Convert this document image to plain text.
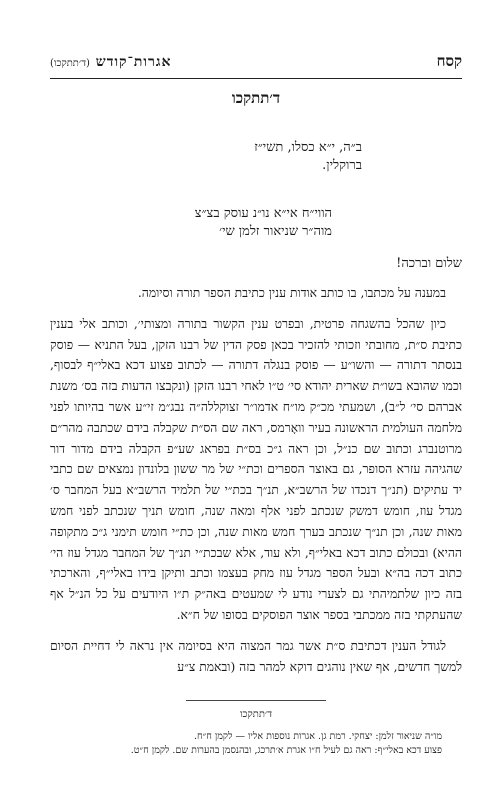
קסח
אגרות־קודש (ד׳תתקכו)
ד׳תתקכו
ב״ה, י״א כסלו, תשי״ז
ברוקלין.
הווי״ח אי״א נו״נ עוסק בצ״צ
מוה״ר שניאור זלמן שי׳
שלום וברכה!

במענה על מכתבו, בו כותב אודות ענין כתיבת הספר תורה וסיומה.

כיון שהכל בהשגחה פרטית, ובפרט ענין הקשור בתורה ומצותי׳, וכותב אלי בענין כתיבת ס״ת, מחובתי וזכותי להזכיר בכאן פסק הדין של רבנו הזקן, בעל התניא — פוסק בנסתר דתורה — והשו״ע — פוסק בנגלה דתורה — לכתוב פצוע דכא באלי״ף לבסוף, וכמו שהובא בשו״ת שארית יהודא סי׳ ט״ו לאחי רבנו הזקן (ונקבצו הדעות בזה בס׳ משנת אברהם סי׳ ל״ב), ושמעתי מכ״ק מו״ח אדמו״ר זצוקללה״ה נבג״מ זי״ע אשר בהיותו לפני מלחמה העולמית הראשונה בעיר וואָרמס, ראה שם הס״ת שקבלה בידם שכתבה מהר״ם מרוטנברג וכתוב שם כנ״ל, וכן ראה ג״כ בס״ת בפראג שע״פ הקבלה בידם מדור דור שהגיהה עזרא הסופר, גם באוצר הספרים וכת״י של מר ששון בלונדון נמצאים שם כתבי יד עתיקים (תנ״ך דנכדו של הרשב״א, תנ״ך בכת״י של תלמיד הרשב״א בעל המחבר ס׳ מגדל עוז, חומש דמשק שנכתב לפני אלף ומאה שנה, חומש תניך שנכתב לפני חמש מאות שנה, וכן תנ״ך שנכתב בערך חמש מאות שנה, וכן כת״י חומש תימני ג״כ מתקופה ההיא) ובכולם כתוב דכא באלי״ף, ולא עוד, אלא שבכת״י תנ״ך של המחבר מגדל עוז הי׳ כתוב דכה בה״א ובעל הספר מגדל עוז מחק בעצמו וכתב ותיקן בידו באלי״ף, והארכתי בזה כיון שלתמיהתי גם לצערי נודע לי שמעטים באה״ק ת״ו היודעים על כל הנ״ל אף שהעתקתי בזה ממכתבי בספר אוצר הפוסקים בסופו של ח״א.

לגודל הענין דכתיבת ס״ת אשר גמר המצוה היא בסיומה אין נראה לי דחיית הסיום למשך חדשים, אף שאין נוהגים דוקא למהר בזה (ובאמת צ״ע

ד׳תתקכו
מו״ה שניאור זלמן: יצחקי. רמת גן. אגרות נוספות אליו — לקמן ח״ח.
פצוע דכא באלי״ף: ראה גם לעיל ח״ו אגרת א׳תרכג, ובהנסמן בהערות שם. לקמן ח״ט.
